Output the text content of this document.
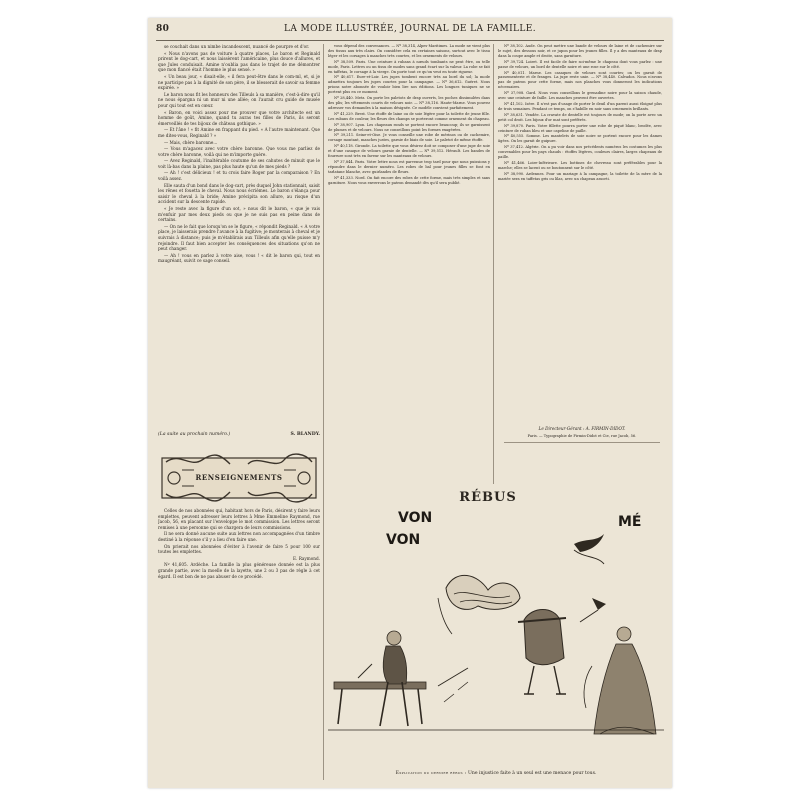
80	LA MODE ILLUSTRÉE, JOURNAL DE LA FAMILLE.

se couchait dans un nimbe incandescent, nuancé de pourpre et d'or.

« Nous n'avons pas de voiture à quatre places, Le baron et Reginald prirent le dog-cart, et nous laissèrent l'américaine, plus douce d'allures, et que Jules conduisait. Amine n'oublia pas dans le trajet de me démontrer que mon fiancé était l'homme le plus sensé. »

« Un beau jour, « disait-elle, « il fera peut-être dans le com-ml, et, si je ne participe pas à la dignité de son père, il se blesserait de savoir sa femme expirée. »

Le baron nous fit les honneurs des Tilleuls à sa manière, c'est-à-dire qu'il ne nous épargna ni un mur ni une allée; on l'aurait cru guide de musée pour qui tout est en cœur.

« Baron, en voici assez pour me prouver que votre architecte est un homme de goût, Amine, quand tu auras tes filles de Paris, ils seront émerveillés de tes bijoux de château gothique. »

— Et l'âne ! « fit Amine en frappant du pied. « A l'autre maintenant. Que me dites-vous, Reginald ? »

— Mais, chère baronne...

— Vous m'agacez avec votre chère baronne. Que vous me parliez de votre chère baronne, voilà qui ne m'importe guère.

— Avez Reginald, l'inaltérable coutume de ses cahutes de minuit que le voit là-bas dans la plaine, pas plus haute qu'un de mes pieds ?

— Ah ! c'est délicieux ! et tu crois faire Roger par la comparaison ? En voilà assez.

Elle sauta d'un bond dans le dog-cart, près duquel John stationnait, saisit les rênes et fouetta le cheval. Nous nous écrièmes. Le baron s'élança pour saisir le cheval à la bride; Amine précipita son allure, au risque d'un accident sur la descente rapide.

« Je reste avec la figure d'un sot, » nous dit le baron, « que je vais m'enfuir par mes deux pieds ou que je ne suis pas en peine dans de certains.

— On ne le fait que lorsqu'on se le figure, « répondit Reginald. « A votre place, je laisserais prendre l'avance à la fugitive; je monterais à cheval et je suivrais à distance; puis je m'établirais aux Tilleuls afin qu'elle puisse m'y rejoindre. Il faut bien accepter les conséquences des situations qu'on ne peut changer.

— Ah ! vous en parlez à votre aise, vous ! « dit le baron qui, tout en maugréant, suivit ce sage conseil.

(La suite au prochain numéro.)	S. BLANDY.
RENSEIGNEMENTS

Celles de nos abonnées qui, habitant hors de Paris, désirent y faire leurs emplettes, peuvent adresser leurs lettres à Mme Emmeline Raymond, rue Jacob, 56, en placant sur l'enveloppe le mot commission. Les lettres seront remises à une personne qui se chargera de leurs commissions.

Il ne sera donné aucune suite aux lettres non accompagnées d'un timbre destiné à la réponse s'il y a lieu d'en faire une.

On prierait nos abonnées d'éviter à l'avenir de faire 5 pour 100 sur toutes les emplettes.

E. Raymond.

Nº 41,605. Ardèche. La famille la plus généreuse donnée est la plus grande partie, avec la moelle de la layette, une 2 ou 3 pas de règle à cet égard. Il est bon de ne pas abuser de ce procédé.

vous dépend des convenances. — Nº 38,314, Alpes-Maritimes. La mode ne vient plus des tissus aux très clairs. On considère cela en certaines saisons, surtout avec le tissu léger et les corsages à manches très courtes, et les ornements de velours.

Nº 38,509. Paris. Une ceinture à rubans à nœuds tombants ne peut être, ou telle mode, Paris. Lettres ou un tissu de modes sans grand écart sur la valeur. La robe se fait en taffetas, le corsage à la vierge. On porte tout ce qu'on veut en toute rigueur.

Nº 40,617. Eure-et-Loir. Les jupes tombent encore très au bord du sol; la mode admettra toujours les jupes courtes pour la campagne. — Nº 36,612. Guéret. Nous prions notre abonnée de vouloir bien lire nos éditions. Les longues tuniques ne se portent plus en ce moment.

Nº 28,440. Metz. On porte les paletots de drap ouverts, les poches dissimulées dans des plis; les vêtements courts de velours noir. — Nº 38,116. Haute-Marne. Vous pouvez adresser vos demandes à la maison désignée. Ce modèle convient parfaitement.

Nº 41,229. Brest. Une étoffe de laine ou de soie légère pour la toilette de jeune fille. Les rubans de couleur, les fleurs des champs se porteront comme ornement du chapeau.

Nº 38,907. Lyon. Les chapeaux ronds se portent encore beaucoup; ils se garnissent de plumes et de velours. Nous ne conseillons point les formes exagérées.

Nº 39,211. Seine-et-Oise. Je vous conseille une robe de mérinos ou de cachemire, corsage montant, manches justes, garnie de biais de soie. Le paletot de même étoffe.

Nº 40,118. Gironde. La toilette que vous désirez doit se composer d'une jupe de soie et d'une casaque de velours garnie de dentelle. — Nº 39,512. Hérault. Les bandes de fourrure sont très en faveur sur les manteaux de velours.

Nº 37,844. Paris. Votre lettre nous est parvenue trop tard pour que nous puissions y répondre dans le dernier numéro. Les robes de bal pour jeunes filles se font en tarlatane blanche, avec guirlandes de fleurs.

Nº 41,333. Nord. On fait encore des robes de cette forme, mais très simples et sans garniture. Nous vous enverrons le patron demandé dès qu'il sera publié.

Nº 38,102. Aude. On peut mettre une bande de velours de laine et de cachemire sur le sujet, des dessous noir, et ce jupon pour les jeunes filles. Il y a des manteaux de drap dans la coupe ample et droite, sans garniture.

Nº 39,724. Loiret. Il est facile de faire soi-même le chapeau dont vous parlez : une passe de velours, un bord de dentelle noire et une rose sur le côté.

Nº 40,011. Marne. Les casaques de velours sont courtes; on les garnit de passementerie et de franges. La jupe reste unie. — Nº 38,440. Calvados. Nous n'avons pas de patron pour cette forme, mais nos planches vous donneront les indications nécessaires.

Nº 37,908. Gard. Nous vous conseillons le grenadine noire pour la saison chaude, avec une ceinture de faille. Les manches peuvent être ouvertes.

Nº 41,102. Isère. Il n'est pas d'usage de porter le deuil d'un parent aussi éloigné plus de trois semaines. Pendant ce temps, on s'habille en noir sans ornements brillants.

Nº 38,631. Vendée. La cravate de dentelle est toujours de mode; on la porte avec un petit col droit. Les bijoux d'or mat sont préférés.

Nº 39,870. Paris. Votre fillette pourra porter une robe de piqué blanc, brodée, avec ceinture de ruban bleu et une capeline de paille.

Nº 40,555. Somme. Les mantelets de soie noire se portent encore pour les dames âgées. On les garnit de guipure.

Nº 37,412. Algérie. On a pu voir dans nos précédents numéros les costumes les plus convenables pour les pays chauds : étoffes légères, couleurs claires, larges chapeaux de paille.

Nº 41,466. Loire-Inférieure. Les bottines de chevreau sont préférables pour la marche; elles se lacent ou se boutonnent sur le côté.

Nº 38,990. Ardennes. Pour un mariage à la campagne, la toilette de la mère de la mariée sera en taffetas gris ou lilas, avec un chapeau assorti.

Le Directeur-Gérant : A. FIRMIN-DIDOT.
Paris. — Typographie de Firmin-Didot et Cie, rue Jacob, 56.
RÉBUS
VON
VON
MÉ
Explication du dernier rébus : Une injustice faite à un seul est une menace pour tous.
